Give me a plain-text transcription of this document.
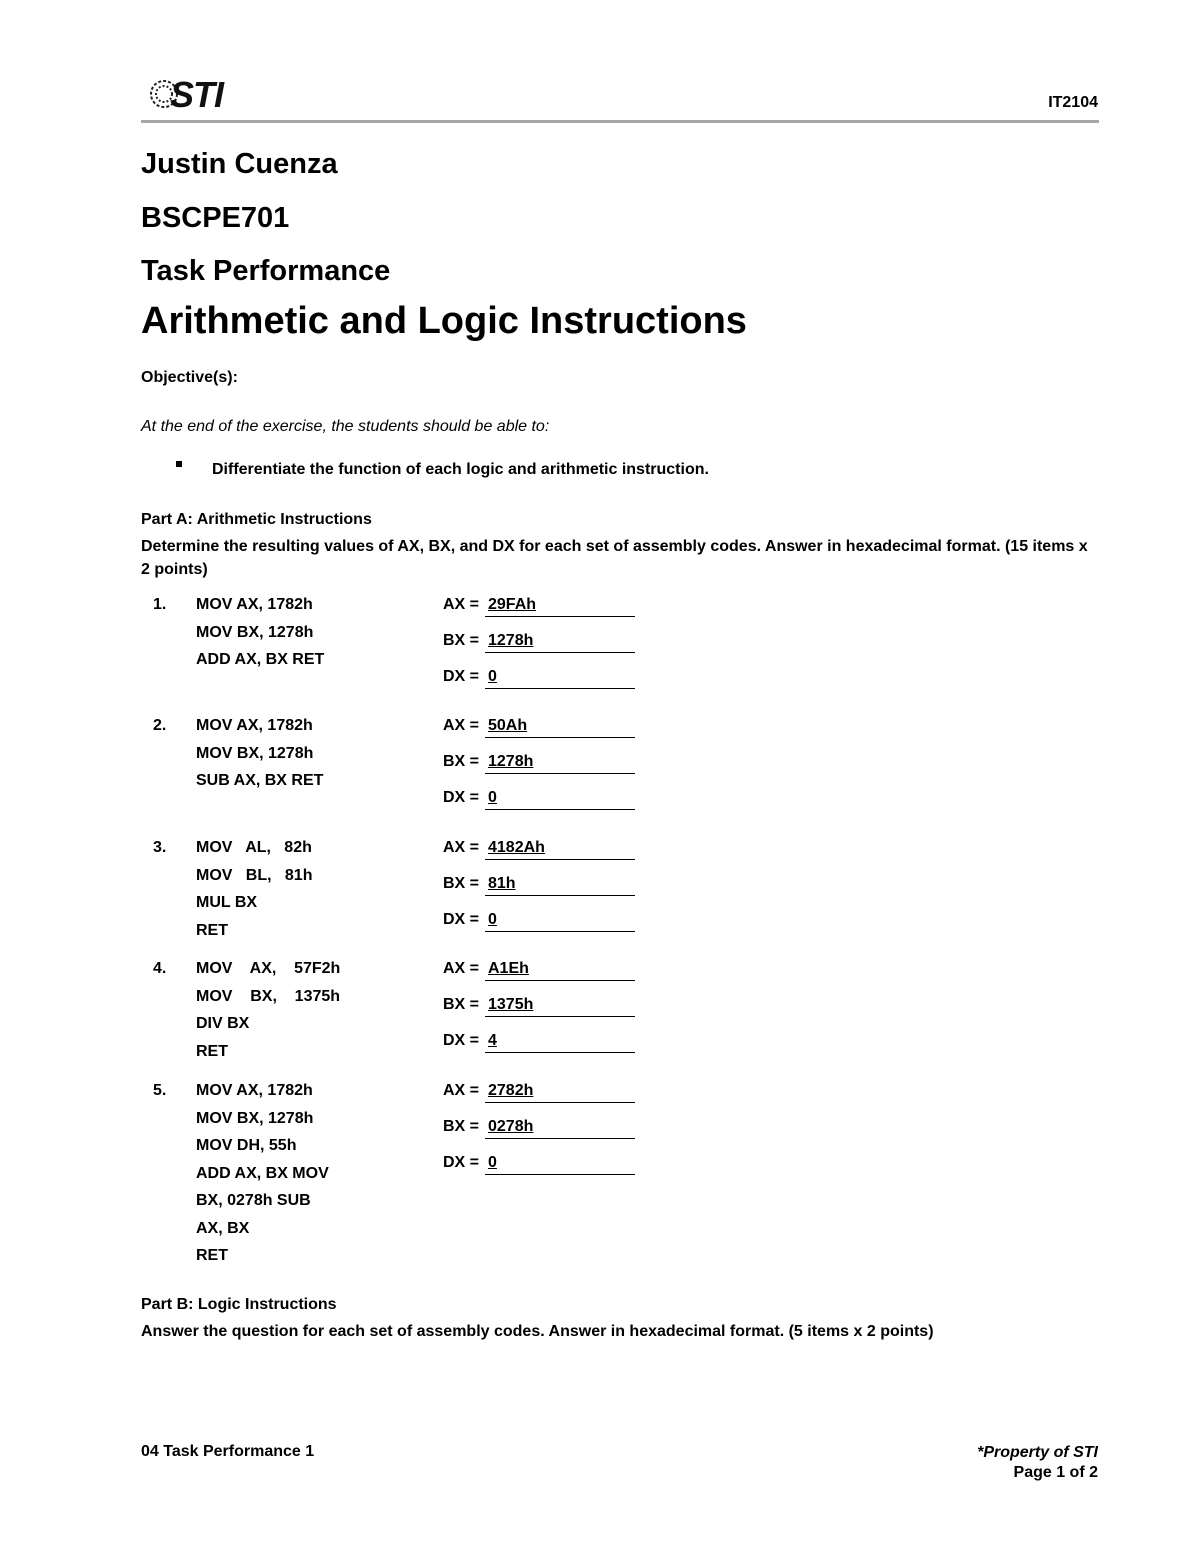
STI	IT2104
Justin Cuenza
BSCPE701
Task Performance
Arithmetic and Logic Instructions
Objective(s):
At the end of the exercise, the students should be able to:
Differentiate the function of each logic and arithmetic instruction.
Part A: Arithmetic Instructions
Determine the resulting values of AX, BX, and DX for each set of assembly codes. Answer in hexadecimal format. (15 items x 2 points)
1. MOV AX, 1782h
MOV BX, 1278h
ADD AX, BX RET
AX = 29FAh
BX = 1278h
DX = 0
2. MOV AX, 1782h
MOV BX, 1278h
SUB AX, BX RET
AX = 50Ah
BX = 1278h
DX = 0
3. MOV   AL,   82h
MOV   BL,   81h
MUL BX
RET
AX = 4182Ah
BX = 81h
DX = 0
4. MOV    AX,    57F2h
MOV    BX,    1375h
DIV BX
RET
AX = A1Eh
BX = 1375h
DX = 4
5. MOV AX, 1782h
MOV BX, 1278h
MOV DH, 55h
ADD AX, BX MOV
BX, 0278h SUB
AX, BX
RET
AX = 2782h
BX = 0278h
DX = 0
Part B: Logic Instructions
Answer the question for each set of assembly codes. Answer in hexadecimal format. (5 items x 2 points)
04 Task Performance 1	*Property of STI
Page 1 of 2
